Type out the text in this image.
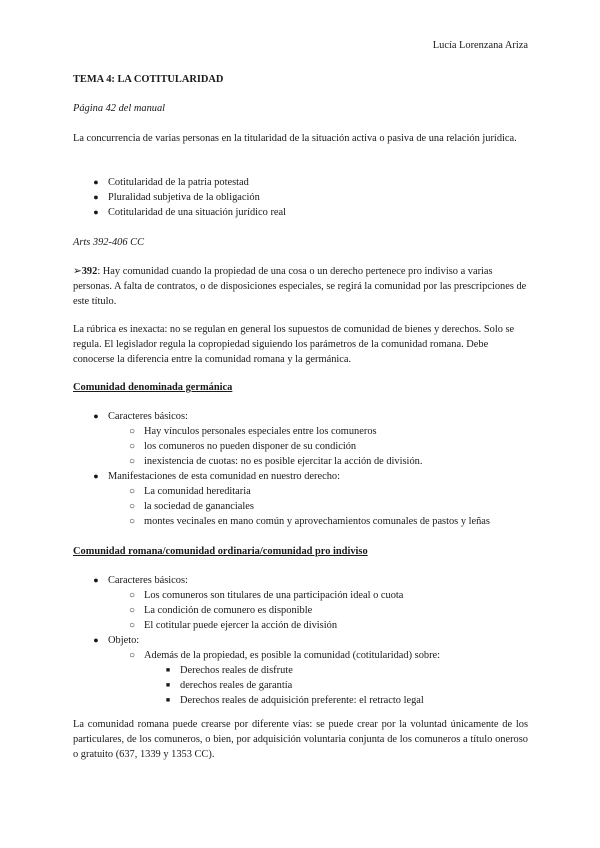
Lucía Lorenzana Ariza
TEMA 4: LA COTITULARIDAD
Página 42 del manual
La concurrencia de varias personas en la titularidad de la situación activa o pasiva de una relación jurídica.
● Cotitularidad de la patria potestad
● Pluralidad subjetiva de la obligación
● Cotitularidad de una situación jurídico real
Arts 392-406 CC
➢392: Hay comunidad cuando la propiedad de una cosa o un derecho pertenece pro indiviso a varias personas. A falta de contratos, o de disposiciones especiales, se regirá la comunidad por las prescripciones de este título.
La rúbrica es inexacta: no se regulan en general los supuestos de comunidad de bienes y derechos. Solo se regula. El legislador regula la copropiedad siguiendo los parámetros de la comunidad romana. Debe conocerse la diferencia entre la comunidad romana y la germánica.
Comunidad denominada germánica
● Caracteres básicos:
○ Hay vínculos personales especiales entre los comuneros
○ los comuneros no pueden disponer de su condición
○ inexistencia de cuotas: no es posible ejercitar la acción de división.
● Manifestaciones de esta comunidad en nuestro derecho:
○ La comunidad hereditaria
○ la sociedad de gananciales
○ montes vecinales en mano común y aprovechamientos comunales de pastos y leñas
Comunidad romana/comunidad ordinaria/comunidad pro indiviso
● Caracteres básicos:
○ Los comuneros son titulares de una participación ideal o cuota
○ La condición de comunero es disponible
○ El cotitular puede ejercer la acción de división
● Objeto:
○ Además de la propiedad, es posible la comunidad (cotitularidad) sobre:
■ Derechos reales de disfrute
■ derechos reales de garantía
■ Derechos reales de adquisición preferente: el retracto legal
La comunidad romana puede crearse por diferente vías: se puede crear por la voluntad únicamente de los particulares, de los comuneros, o bien, por adquisición voluntaria conjunta de los comuneros a título oneroso o gratuito (637, 1339 y 1353 CC).
